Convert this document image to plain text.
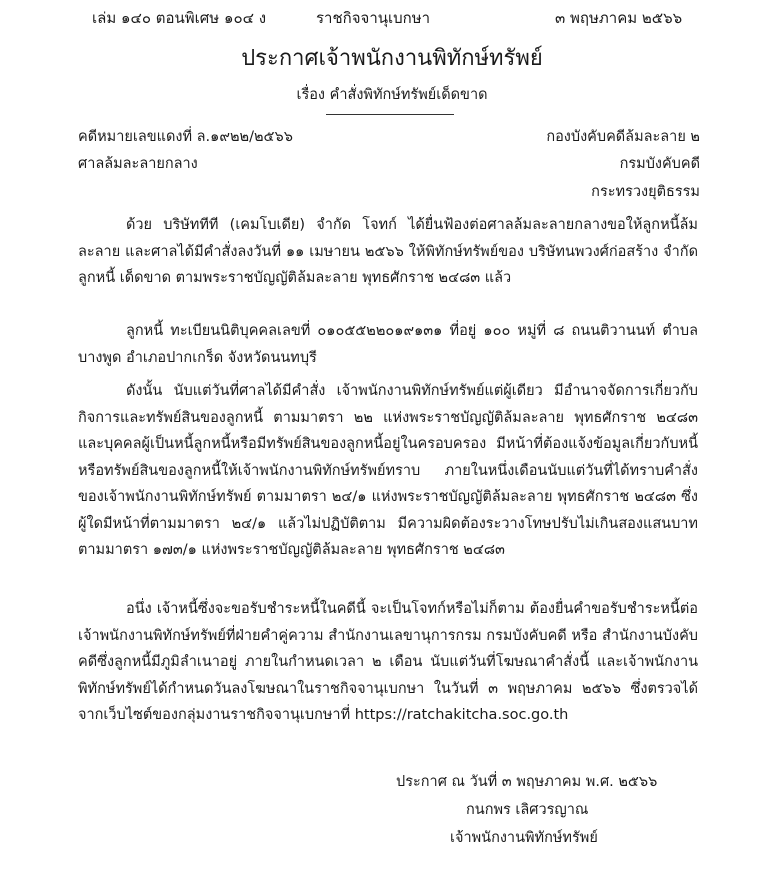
เล่ม ๑๔๐ ตอนพิเศษ ๑๐๔ ง	ราชกิจจานุเบกษา	๓ พฤษภาคม ๒๕๖๖
ประกาศเจ้าพนักงานพิทักษ์ทรัพย์
เรื่อง คำสั่งพิทักษ์ทรัพย์เด็ดขาด
คดีหมายเลขแดงที่ ล.๑๙๒๒/๒๕๖๖
ศาลล้มละลายกลาง
กองบังคับคดีล้มละลาย ๒
กรมบังคับคดี
กระทรวงยุติธรรม
ด้วย บริษัททีที (เคมโบเดีย) จำกัด โจทก์ ได้ยื่นฟ้องต่อศาลล้มละลายกลางขอให้ลูกหนี้ล้มละลาย และศาลได้มีคำสั่งลงวันที่ ๑๑ เมษายน ๒๕๖๖ ให้พิทักษ์ทรัพย์ของ บริษัทนพวงศ์ก่อสร้าง จำกัด ลูกหนี้ เด็ดขาด ตามพระราชบัญญัติล้มละลาย พุทธศักราช ๒๔๘๓ แล้ว
ลูกหนี้ ทะเบียนนิติบุคคลเลขที่ ๐๑๐๕๕๒๒๐๑๙๑๓๑ ที่อยู่ ๑๐๐ หมู่ที่ ๘ ถนนติวานนท์ ตำบลบางพูด อำเภอปากเกร็ด จังหวัดนนทบุรี
ดังนั้น นับแต่วันที่ศาลได้มีคำสั่ง เจ้าพนักงานพิทักษ์ทรัพย์แต่ผู้เดียว มีอำนาจจัดการเกี่ยวกับกิจการและทรัพย์สินของลูกหนี้ ตามมาตรา ๒๒ แห่งพระราชบัญญัติล้มละลาย พุทธศักราช ๒๔๘๓ และบุคคลผู้เป็นหนี้ลูกหนี้หรือมีทรัพย์สินของลูกหนี้อยู่ในครอบครอง มีหน้าที่ต้องแจ้งข้อมูลเกี่ยวกับหนี้หรือทรัพย์สินของลูกหนี้ให้เจ้าพนักงานพิทักษ์ทรัพย์ทราบ ภายในหนึ่งเดือนนับแต่วันที่ได้ทราบคำสั่งของเจ้าพนักงานพิทักษ์ทรัพย์ ตามมาตรา ๒๔/๑ แห่งพระราชบัญญัติล้มละลาย พุทธศักราช ๒๔๘๓ ซึ่งผู้ใดมีหน้าที่ตามมาตรา ๒๔/๑ แล้วไม่ปฏิบัติตาม มีความผิดต้องระวางโทษปรับไม่เกินสองแสนบาท ตามมาตรา ๑๗๓/๑ แห่งพระราชบัญญัติล้มละลาย พุทธศักราช ๒๔๘๓
อนึ่ง เจ้าหนี้ซึ่งจะขอรับชำระหนี้ในคดีนี้ จะเป็นโจทก์หรือไม่ก็ตาม ต้องยื่นคำขอรับชำระหนี้ต่อเจ้าพนักงานพิทักษ์ทรัพย์ที่ฝ่ายคำคู่ความ สำนักงานเลขานุการกรม กรมบังคับคดี หรือ สำนักงานบังคับคดีซึ่งลูกหนี้มีภูมิลำเนาอยู่ ภายในกำหนดเวลา ๒ เดือน นับแต่วันที่โฆษณาคำสั่งนี้ และเจ้าพนักงานพิทักษ์ทรัพย์ได้กำหนดวันลงโฆษณาในราชกิจจานุเบกษา ในวันที่ ๓ พฤษภาคม ๒๕๖๖ ซึ่งตรวจได้จากเว็บไซต์ของกลุ่มงานราชกิจจานุเบกษาที่ https://ratchakitcha.soc.go.th
ประกาศ ณ วันที่ ๓ พฤษภาคม พ.ศ. ๒๕๖๖
กนกพร เลิศวรญาณ
เจ้าพนักงานพิทักษ์ทรัพย์
